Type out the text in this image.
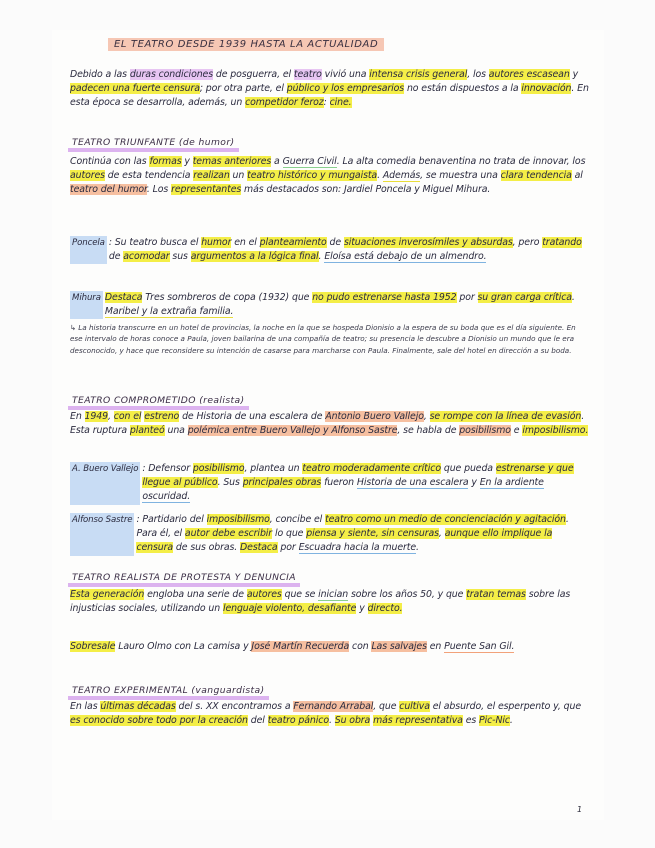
EL TEATRO DESDE 1939 HASTA LA ACTUALIDAD
Debido a las duras condiciones de posguerra, el teatro vivió una intensa crisis general, los autores escasean y padecen una fuerte censura; por otra parte, el público y los empresarios no están dispuestos a la innovación. En esta época se desarrolla, además, un competidor feroz: cine.
TEATRO TRIUNFANTE (de humor)
Continúa con las formas y temas anteriores a Guerra Civil. La alta comedia benaventina no trata de innovar, los autores de esta tendencia realizan un teatro histórico y mungaista. Además, se muestra una clara tendencia al teatro del humor. Los representantes más destacados son: Jardiel Poncela y Miguel Mihura.
Poncela : Su teatro busca el humor en el planteamiento de situaciones inverosímiles y absurdas, pero tratando de acomodar sus argumentos a la lógica final. Eloísa está debajo de un almendro.
Mihura Destaca Tres sombreros de copa (1932) que no pudo estrenarse hasta 1952 por su gran carga crítica. Maribel y la extraña familia.
↳ La historia transcurre en un hotel de provincias, la noche en la que se hospeda Dionisio a la espera de su boda que es el día siguiente. En ese intervalo de horas conoce a Paula, joven bailarina de una compañía de teatro; su presencia le descubre a Dionisio un mundo que le era desconocido, y hace que reconsidere su intención de casarse para marcharse con Paula. Finalmente, sale del hotel en dirección a su boda.
TEATRO COMPROMETIDO (realista)
En 1949, con el estreno de Historia de una escalera de Antonio Buero Vallejo, se rompe con la línea de evasión. Esta ruptura planteó una polémica entre Buero Vallejo y Alfonso Sastre, se habla de posibilismo e imposibilismo.
A. Buero Vallejo : Defensor posibilismo, plantea un teatro moderadamente crítico que pueda estrenarse y que llegue al público. Sus principales obras fueron Historia de una escalera y En la ardiente oscuridad.
Alfonso Sastre : Partidario del imposibilismo, concibe el teatro como un medio de concienciación y agitación. Para él, el autor debe escribir lo que piensa y siente, sin censuras, aunque ello implique la censura de sus obras. Destaca por Escuadra hacia la muerte.
TEATRO REALISTA DE PROTESTA Y DENUNCIA
Esta generación engloba una serie de autores que se inician sobre los años 50, y que tratan temas sobre las injusticias sociales, utilizando un lenguaje violento, desafiante y directo.
Sobresale Lauro Olmo con La camisa y José Martín Recuerda con Las salvajes en Puente San Gil.
TEATRO EXPERIMENTAL (vanguardista)
En las últimas décadas del s. XX encontramos a Fernando Arrabal, que cultiva el absurdo, el esperpento y, que es conocido sobre todo por la creación del teatro pánico. Su obra más representativa es Pic-Nic.
1
